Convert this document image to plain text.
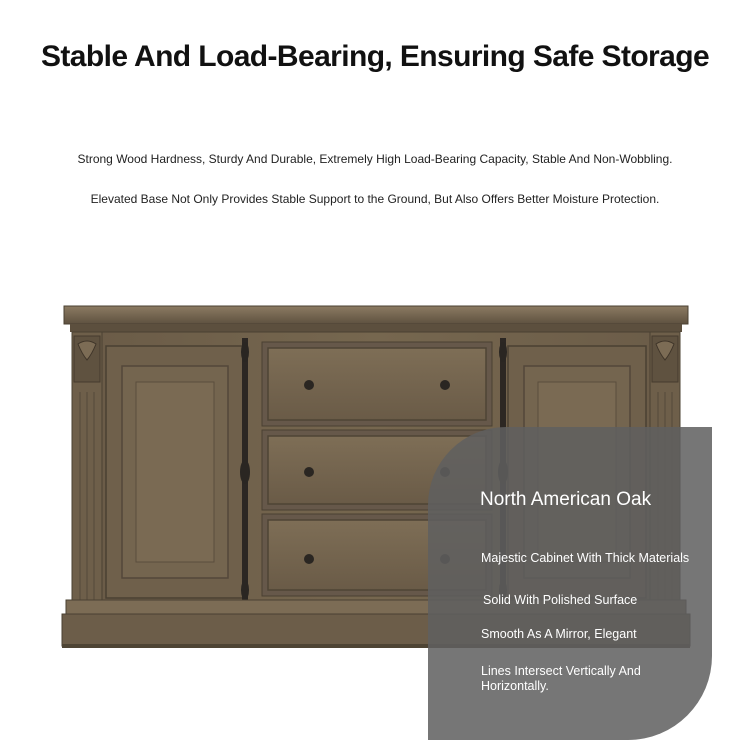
Stable And Load-Bearing, Ensuring Safe Storage
Strong Wood Hardness, Sturdy And Durable, Extremely High Load-Bearing Capacity, Stable And Non-Wobbling.
Elevated Base Not Only Provides Stable Support to the Ground, But Also Offers Better Moisture Protection.
North American Oak
Majestic Cabinet With Thick Materials
Solid With Polished Surface
Smooth As A Mirror, Elegant
Lines Intersect Vertically And Horizontally.
